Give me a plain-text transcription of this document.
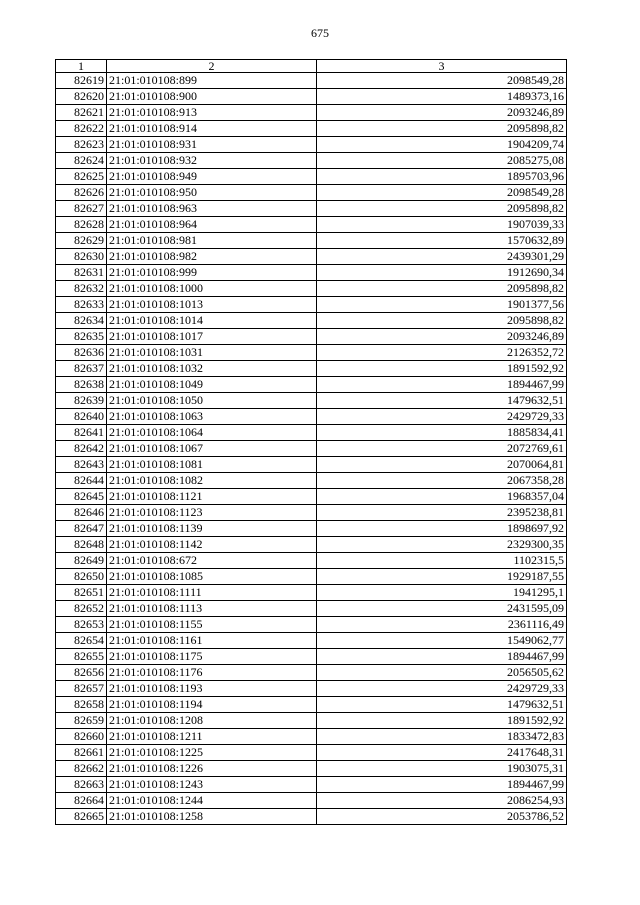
675
1	2	3
82619	21:01:010108:899	2098549,28
82620	21:01:010108:900	1489373,16
82621	21:01:010108:913	2093246,89
82622	21:01:010108:914	2095898,82
82623	21:01:010108:931	1904209,74
82624	21:01:010108:932	2085275,08
82625	21:01:010108:949	1895703,96
82626	21:01:010108:950	2098549,28
82627	21:01:010108:963	2095898,82
82628	21:01:010108:964	1907039,33
82629	21:01:010108:981	1570632,89
82630	21:01:010108:982	2439301,29
82631	21:01:010108:999	1912690,34
82632	21:01:010108:1000	2095898,82
82633	21:01:010108:1013	1901377,56
82634	21:01:010108:1014	2095898,82
82635	21:01:010108:1017	2093246,89
82636	21:01:010108:1031	2126352,72
82637	21:01:010108:1032	1891592,92
82638	21:01:010108:1049	1894467,99
82639	21:01:010108:1050	1479632,51
82640	21:01:010108:1063	2429729,33
82641	21:01:010108:1064	1885834,41
82642	21:01:010108:1067	2072769,61
82643	21:01:010108:1081	2070064,81
82644	21:01:010108:1082	2067358,28
82645	21:01:010108:1121	1968357,04
82646	21:01:010108:1123	2395238,81
82647	21:01:010108:1139	1898697,92
82648	21:01:010108:1142	2329300,35
82649	21:01:010108:672	1102315,5
82650	21:01:010108:1085	1929187,55
82651	21:01:010108:1111	1941295,1
82652	21:01:010108:1113	2431595,09
82653	21:01:010108:1155	2361116,49
82654	21:01:010108:1161	1549062,77
82655	21:01:010108:1175	1894467,99
82656	21:01:010108:1176	2056505,62
82657	21:01:010108:1193	2429729,33
82658	21:01:010108:1194	1479632,51
82659	21:01:010108:1208	1891592,92
82660	21:01:010108:1211	1833472,83
82661	21:01:010108:1225	2417648,31
82662	21:01:010108:1226	1903075,31
82663	21:01:010108:1243	1894467,99
82664	21:01:010108:1244	2086254,93
82665	21:01:010108:1258	2053786,52
